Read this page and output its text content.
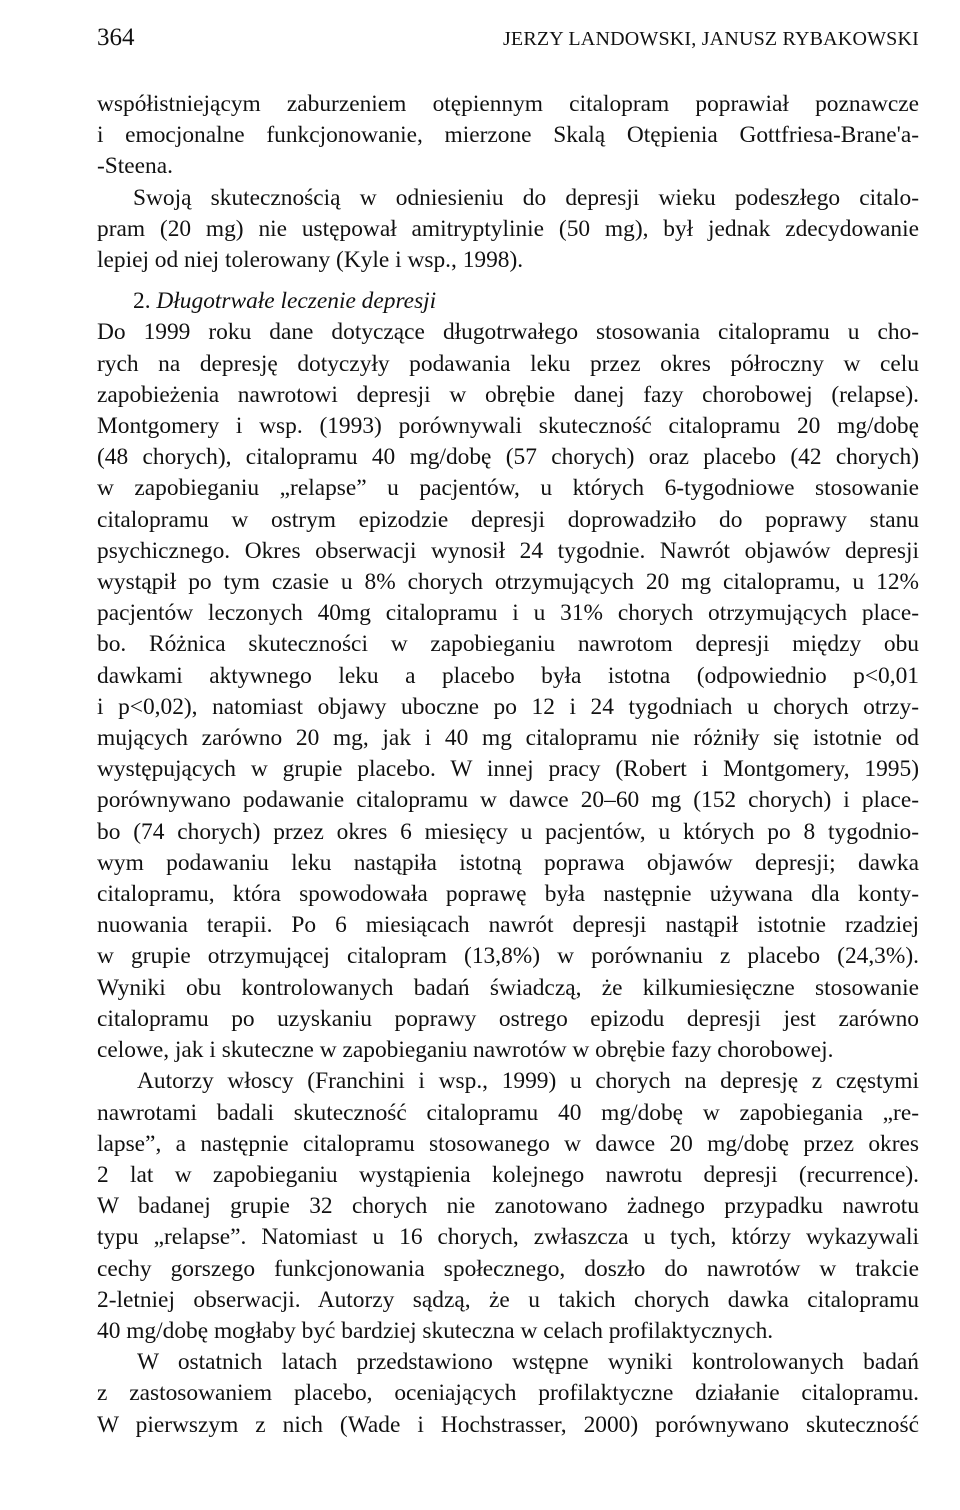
364	JERZY LANDOWSKI, JANUSZ RYBAKOWSKI
współistniejącym zaburzeniem otępiennym citalopram poprawiał poznawcze
i emocjonalne funkcjonowanie, mierzone Skalą Otępienia Gottfriesa-Brane'a-
-Steena.
Swoją skutecznością w odniesieniu do depresji wieku podeszłego citalo-
pram (20 mg) nie ustępował amitryptylinie (50 mg), był jednak zdecydowanie
lepiej od niej tolerowany (Kyle i wsp., 1998).
2. Długotrwałe leczenie depresji
Do 1999 roku dane dotyczące długotrwałego stosowania citalopramu u cho-
rych na depresję dotyczyły podawania leku przez okres półroczny w celu
zapobieżenia nawrotowi depresji w obrębie danej fazy chorobowej (relapse).
Montgomery i wsp. (1993) porównywali skuteczność citalopramu 20 mg/dobę
(48 chorych), citalopramu 40 mg/dobę (57 chorych) oraz placebo (42 chorych)
w zapobieganiu „relapse” u pacjentów, u których 6-tygodniowe stosowanie
citalopramu w ostrym epizodzie depresji doprowadziło do poprawy stanu
psychicznego. Okres obserwacji wynosił 24 tygodnie. Nawrót objawów depresji
wystąpił po tym czasie u 8% chorych otrzymujących 20 mg citalopramu, u 12%
pacjentów leczonych 40mg citalopramu i u 31% chorych otrzymujących place-
bo. Różnica skuteczności w zapobieganiu nawrotom depresji między obu
dawkami aktywnego leku a placebo była istotna (odpowiednio p<0,01
i p<0,02), natomiast objawy uboczne po 12 i 24 tygodniach u chorych otrzy-
mujących zarówno 20 mg, jak i 40 mg citalopramu nie różniły się istotnie od
występujących w grupie placebo. W innej pracy (Robert i Montgomery, 1995)
porównywano podawanie citalopramu w dawce 20–60 mg (152 chorych) i place-
bo (74 chorych) przez okres 6 miesięcy u pacjentów, u których po 8 tygodnio-
wym podawaniu leku nastąpiła istotną poprawa objawów depresji; dawka
citalopramu, która spowodowała poprawę była następnie używana dla konty-
nuowania terapii. Po 6 miesiącach nawrót depresji nastąpił istotnie rzadziej
w grupie otrzymującej citalopram (13,8%) w porównaniu z placebo (24,3%).
Wyniki obu kontrolowanych badań świadczą, że kilkumiesięczne stosowanie
citalopramu po uzyskaniu poprawy ostrego epizodu depresji jest zarówno
celowe, jak i skuteczne w zapobieganiu nawrotów w obrębie fazy chorobowej.
Autorzy włoscy (Franchini i wsp., 1999) u chorych na depresję z częstymi
nawrotami badali skuteczność citalopramu 40 mg/dobę w zapobiegania „re-
lapse”, a następnie citalopramu stosowanego w dawce 20 mg/dobę przez okres
2 lat w zapobieganiu wystąpienia kolejnego nawrotu depresji (recurrence).
W badanej grupie 32 chorych nie zanotowano żadnego przypadku nawrotu
typu „relapse”. Natomiast u 16 chorych, zwłaszcza u tych, którzy wykazywali
cechy gorszego funkcjonowania społecznego, doszło do nawrotów w trakcie
2-letniej obserwacji. Autorzy sądzą, że u takich chorych dawka citalopramu
40 mg/dobę mogłaby być bardziej skuteczna w celach profilaktycznych.
W ostatnich latach przedstawiono wstępne wyniki kontrolowanych badań
z zastosowaniem placebo, oceniających profilaktyczne działanie citalopramu.
W pierwszym z nich (Wade i Hochstrasser, 2000) porównywano skuteczność
